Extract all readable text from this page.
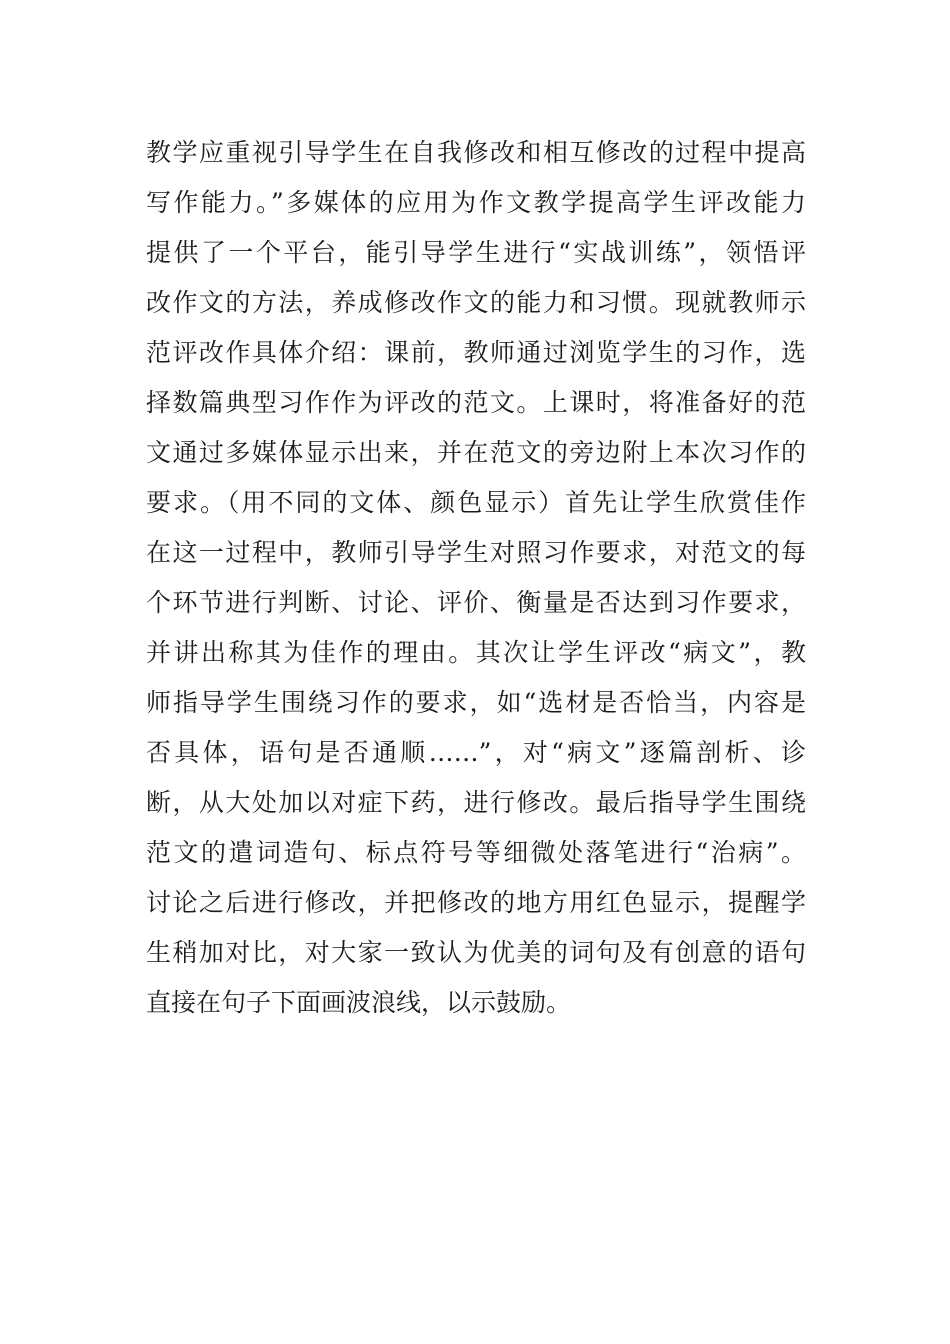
教学应重视引导学生在自我修改和相互修改的过程中提高
写作能力。”多媒体的应用为作文教学提高学生评改能力
提供了一个平台，能引导学生进行“实战训练”，领悟评
改作文的方法，养成修改作文的能力和习惯。现就教师示
范评改作具体介绍：课前，教师通过浏览学生的习作，选
择数篇典型习作作为评改的范文。上课时，将准备好的范
文通过多媒体显示出来，并在范文的旁边附上本次习作的
要求。（用不同的文体、颜色显示）首先让学生欣赏佳作
在这一过程中，教师引导学生对照习作要求，对范文的每
个环节进行判断、讨论、评价、衡量是否达到习作要求，
并讲出称其为佳作的理由。其次让学生评改“病文”，教
师指导学生围绕习作的要求，如“选材是否恰当，内容是
否具体，语句是否通顺……”，对“病文”逐篇剖析、诊
断，从大处加以对症下药，进行修改。最后指导学生围绕
范文的遣词造句、标点符号等细微处落笔进行“治病”。
讨论之后进行修改，并把修改的地方用红色显示，提醒学
生稍加对比，对大家一致认为优美的词句及有创意的语句
直接在句子下面画波浪线，以示鼓励。
